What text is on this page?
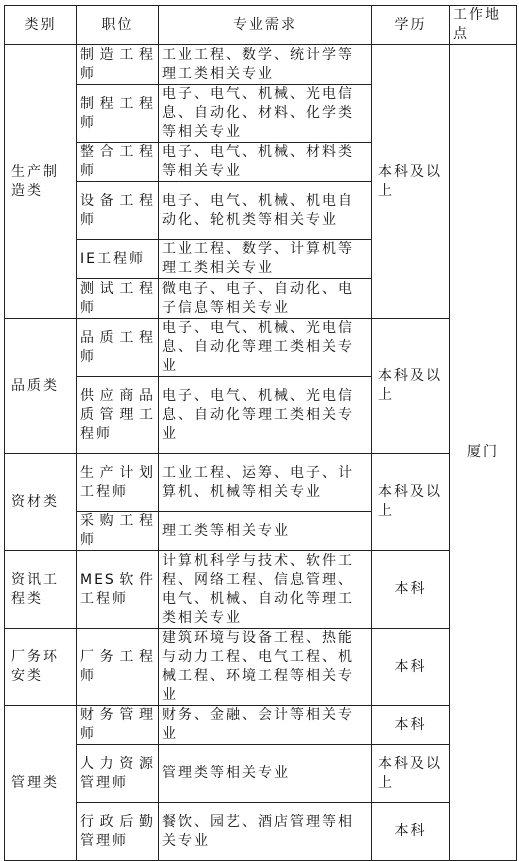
类别	职位	专业需求	学历	工作地点
生产制造类	制造工程师	工业工程、数学、统计学等理工类相关专业	本科及以上	厦门
	制程工程师	电子、电气、机械、光电信息、自动化、材料、化学类等相关专业		
	整合工程师	电子、电气、机械、材料类等相关专业		
	设备工程师	电子、电气、机械、机电自动化、轮机类等相关专业		
	IE工程师	工业工程、数学、计算机等理工类相关专业		
	测试工程师	微电子、电子、自动化、电子信息等相关专业		
品质类	品质工程师	电子、电气、机械、光电信息、自动化等理工类相关专业	本科及以上	
	供应商品质管理工程师	电子、电气、机械、光电信息、自动化等理工类相关专业		
资材类	生产计划工程师	工业工程、运筹、电子、计算机、机械等相关专业	本科及以上	
	采购工程师	理工类等相关专业		
资讯工程类	MES软件工程师	计算机科学与技术、软件工程、网络工程、信息管理、电气、机械、自动化等理工类相关专业	本科	
厂务环安类	厂务工程师	建筑环境与设备工程、热能与动力工程、电气工程、机械工程、环境工程等相关专业	本科	
管理类	财务管理师	财务、金融、会计等相关专业	本科	
	人力资源管理师	管理类等相关专业	本科及以上	
	行政后勤管理师	餐饮、园艺、酒店管理等相关专业	本科	
